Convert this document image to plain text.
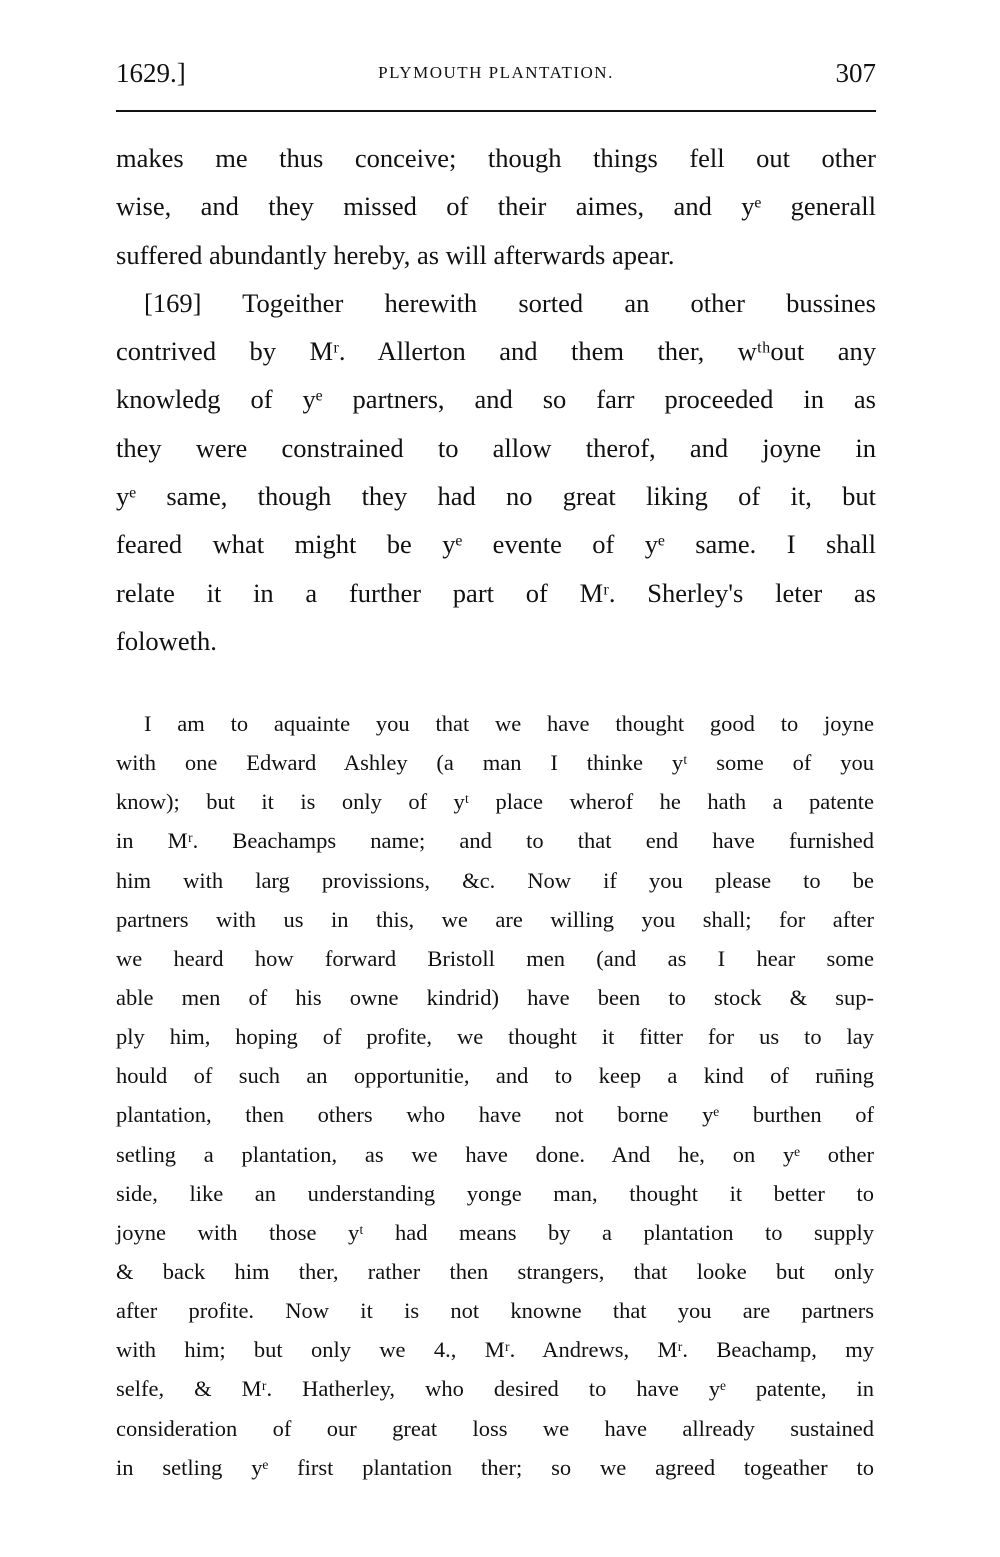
1629.]	PLYMOUTH PLANTATION.	307
makes me thus conceive; though things fell out other
wise, and they missed of their aimes, and yᵉ generall
suffered abundantly hereby, as will afterwards apear.
[169] Togeither herewith sorted an other bussines
contrived by Mʳ. Allerton and them ther, wᵗʰout any
knowledg of yᵉ partners, and so farr proceeded in as
they were constrained to allow therof, and joyne in
yᵉ same, though they had no great liking of it, but
feared what might be yᵉ evente of yᵉ same. I shall
relate it in a further part of Mʳ. Sherley's leter as
foloweth.
I am to aquainte you that we have thought good to joyne
with one Edward Ashley (a man I thinke yᵗ some of you
know); but it is only of yᵗ place wherof he hath a patente
in Mʳ. Beachamps name; and to that end have furnished
him with larg provissions, &c. Now if you please to be
partners with us in this, we are willing you shall; for after
we heard how forward Bristoll men (and as I hear some
able men of his owne kindrid) have been to stock & sup-
ply him, hoping of profite, we thought it fitter for us to lay
hould of such an opportunitie, and to keep a kind of run̄ing
plantation, then others who have not borne yᵉ burthen of
setling a plantation, as we have done. And he, on yᵉ other
side, like an understanding yonge man, thought it better to
joyne with those yᵗ had means by a plantation to supply
& back him ther, rather then strangers, that looke but only
after profite. Now it is not knowne that you are partners
with him; but only we 4., Mʳ. Andrews, Mʳ. Beachamp, my
selfe, & Mʳ. Hatherley, who desired to have yᵉ patente, in
consideration of our great loss we have allready sustained
in setling yᵉ first plantation ther; so we agreed togeather to
